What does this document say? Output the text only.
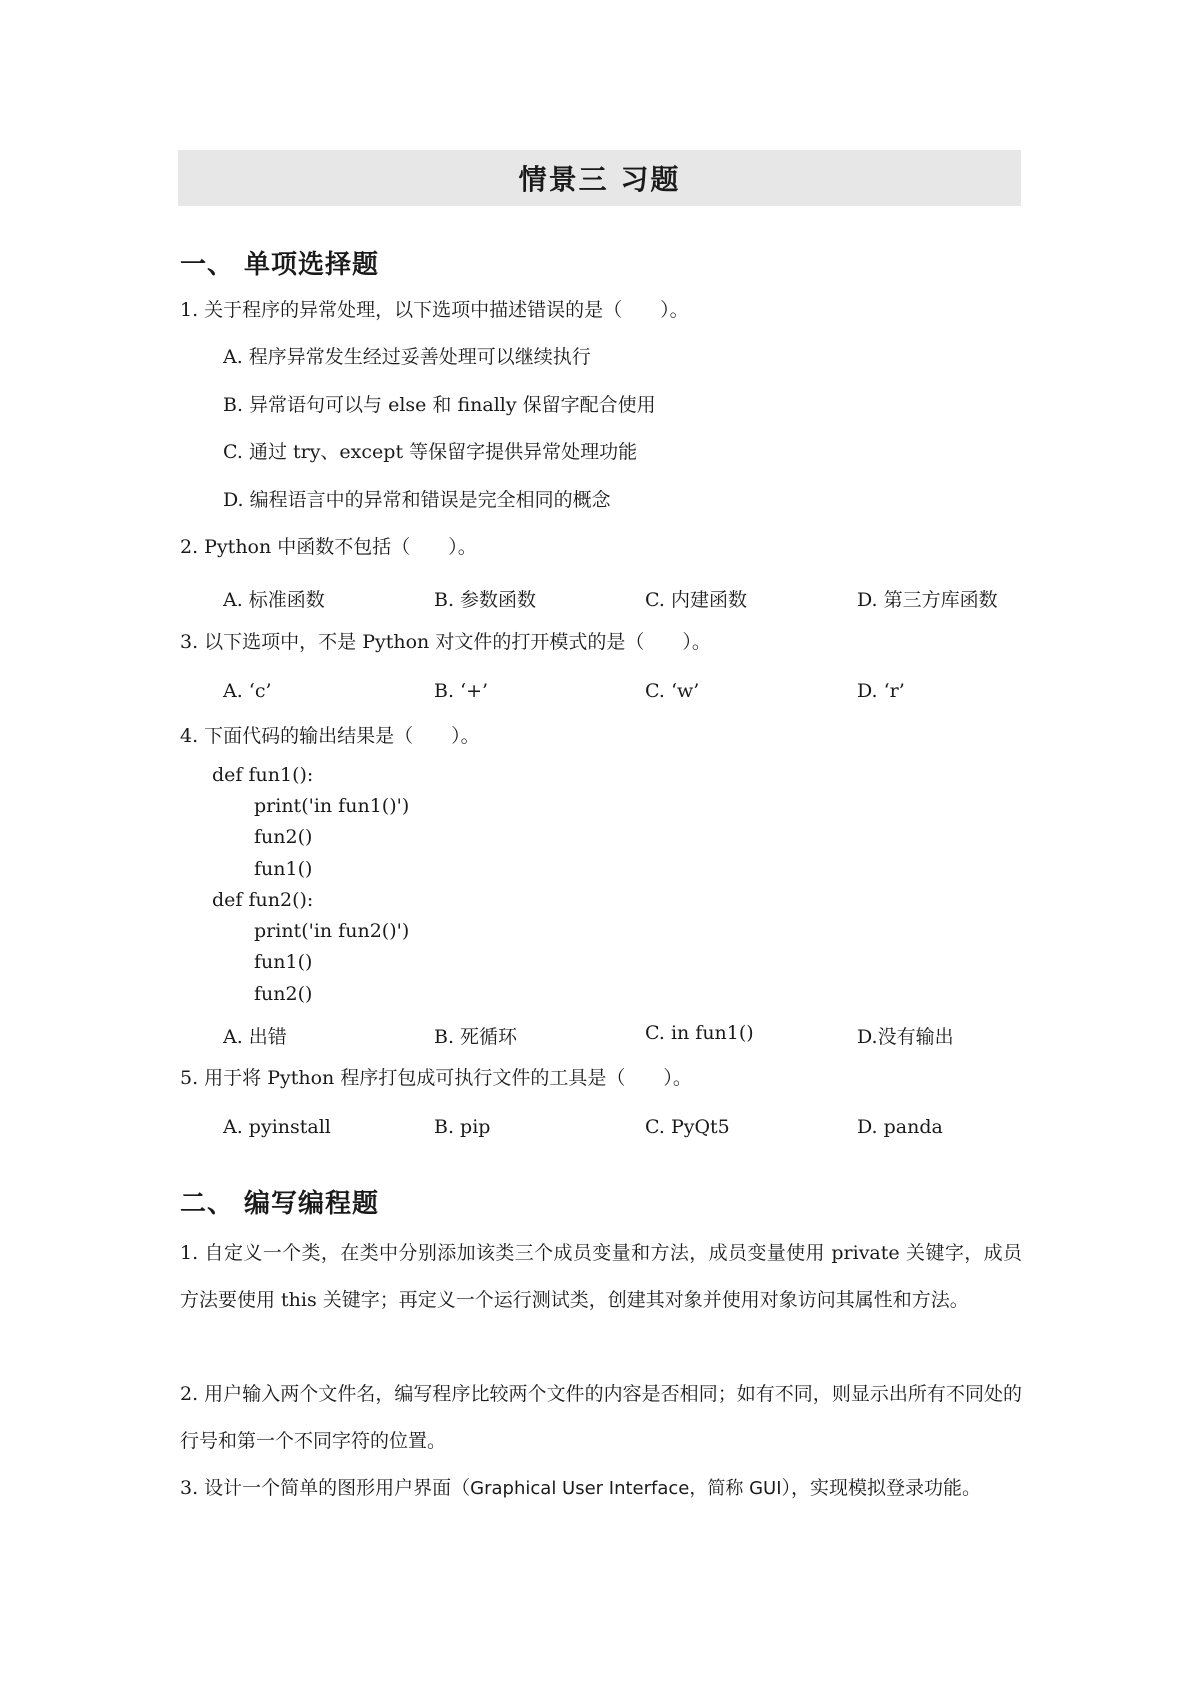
情景三 习题
一、 单项选择题
1. 关于程序的异常处理，以下选项中描述错误的是（　　）。
A. 程序异常发生经过妥善处理可以继续执行
B. 异常语句可以与 else 和 finally 保留字配合使用
C. 通过 try、except 等保留字提供异常处理功能
D. 编程语言中的异常和错误是完全相同的概念
2. Python 中函数不包括（　　）。
A. 标准函数	B. 参数函数	C. 内建函数	D. 第三方库函数
3. 以下选项中，不是 Python 对文件的打开模式的是（　　）。
A. ‘c’	B. ‘+’	C. ‘w’	D. ‘r’
4. 下面代码的输出结果是（　　）。
def fun1():
print('in fun1()')
fun2()
fun1()
def fun2():
print('in fun2()')
fun1()
fun2()
A. 出错	B. 死循环	C. in fun1()	D.没有输出
5. 用于将 Python 程序打包成可执行文件的工具是（　　）。
A. pyinstall	B. pip	C. PyQt5	D. panda
二、 编写编程题
1. 自定义一个类，在类中分别添加该类三个成员变量和方法，成员变量使用 private 关键字，成员方法要使用 this 关键字；再定义一个运行测试类，创建其对象并使用对象访问其属性和方法。
2. 用户输入两个文件名，编写程序比较两个文件的内容是否相同；如有不同，则显示出所有不同处的行号和第一个不同字符的位置。
3. 设计一个简单的图形用户界面（Graphical User Interface，简称 GUI），实现模拟登录功能。
